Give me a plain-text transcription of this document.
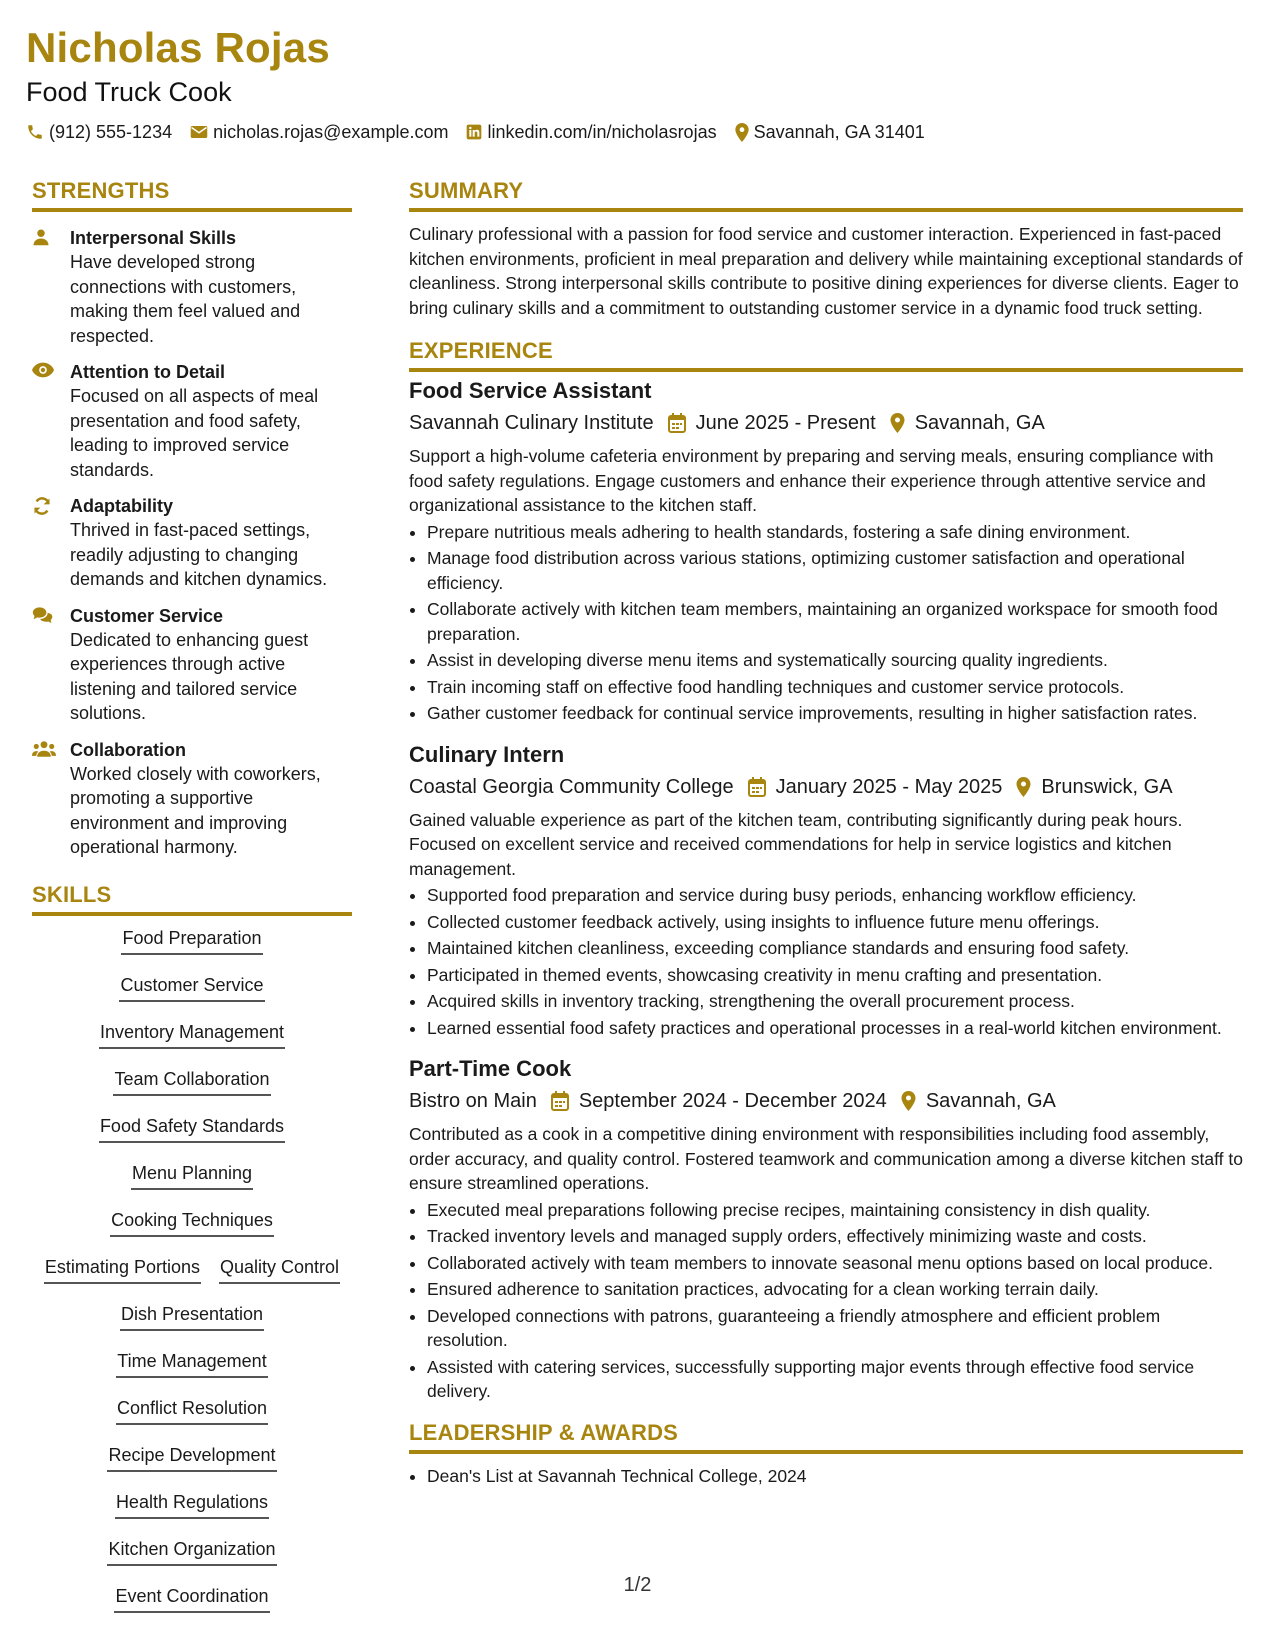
Nicholas Rojas
Food Truck Cook
(912) 555-1234 nicholas.rojas@example.com linkedin.com/in/nicholasrojas Savannah, GA 31401
STRENGTHS
Interpersonal Skills
Have developed strong connections with customers, making them feel valued and respected.
Attention to Detail
Focused on all aspects of meal presentation and food safety, leading to improved service standards.
Adaptability
Thrived in fast-paced settings, readily adjusting to changing demands and kitchen dynamics.
Customer Service
Dedicated to enhancing guest experiences through active listening and tailored service solutions.
Collaboration
Worked closely with coworkers, promoting a supportive environment and improving operational harmony.
SKILLS
Food Preparation
Customer Service
Inventory Management
Team Collaboration
Food Safety Standards
Menu Planning
Cooking Techniques
Estimating Portions Quality Control
Dish Presentation
Time Management
Conflict Resolution
Recipe Development
Health Regulations
Kitchen Organization
Event Coordination
SUMMARY
Culinary professional with a passion for food service and customer interaction. Experienced in fast-paced kitchen environments, proficient in meal preparation and delivery while maintaining exceptional standards of cleanliness. Strong interpersonal skills contribute to positive dining experiences for diverse clients. Eager to bring culinary skills and a commitment to outstanding customer service in a dynamic food truck setting.
EXPERIENCE
Food Service Assistant
Savannah Culinary Institute June 2025 - Present Savannah, GA
Support a high-volume cafeteria environment by preparing and serving meals, ensuring compliance with food safety regulations. Engage customers and enhance their experience through attentive service and organizational assistance to the kitchen staff.
• Prepare nutritious meals adhering to health standards, fostering a safe dining environment.
• Manage food distribution across various stations, optimizing customer satisfaction and operational efficiency.
• Collaborate actively with kitchen team members, maintaining an organized workspace for smooth food preparation.
• Assist in developing diverse menu items and systematically sourcing quality ingredients.
• Train incoming staff on effective food handling techniques and customer service protocols.
• Gather customer feedback for continual service improvements, resulting in higher satisfaction rates.
Culinary Intern
Coastal Georgia Community College January 2025 - May 2025 Brunswick, GA
Gained valuable experience as part of the kitchen team, contributing significantly during peak hours. Focused on excellent service and received commendations for help in service logistics and kitchen management.
• Supported food preparation and service during busy periods, enhancing workflow efficiency.
• Collected customer feedback actively, using insights to influence future menu offerings.
• Maintained kitchen cleanliness, exceeding compliance standards and ensuring food safety.
• Participated in themed events, showcasing creativity in menu crafting and presentation.
• Acquired skills in inventory tracking, strengthening the overall procurement process.
• Learned essential food safety practices and operational processes in a real-world kitchen environment.
Part-Time Cook
Bistro on Main September 2024 - December 2024 Savannah, GA
Contributed as a cook in a competitive dining environment with responsibilities including food assembly, order accuracy, and quality control. Fostered teamwork and communication among a diverse kitchen staff to ensure streamlined operations.
• Executed meal preparations following precise recipes, maintaining consistency in dish quality.
• Tracked inventory levels and managed supply orders, effectively minimizing waste and costs.
• Collaborated actively with team members to innovate seasonal menu options based on local produce.
• Ensured adherence to sanitation practices, advocating for a clean working terrain daily.
• Developed connections with patrons, guaranteeing a friendly atmosphere and efficient problem resolution.
• Assisted with catering services, successfully supporting major events through effective food service delivery.
LEADERSHIP & AWARDS
• Dean's List at Savannah Technical College, 2024
1/2
